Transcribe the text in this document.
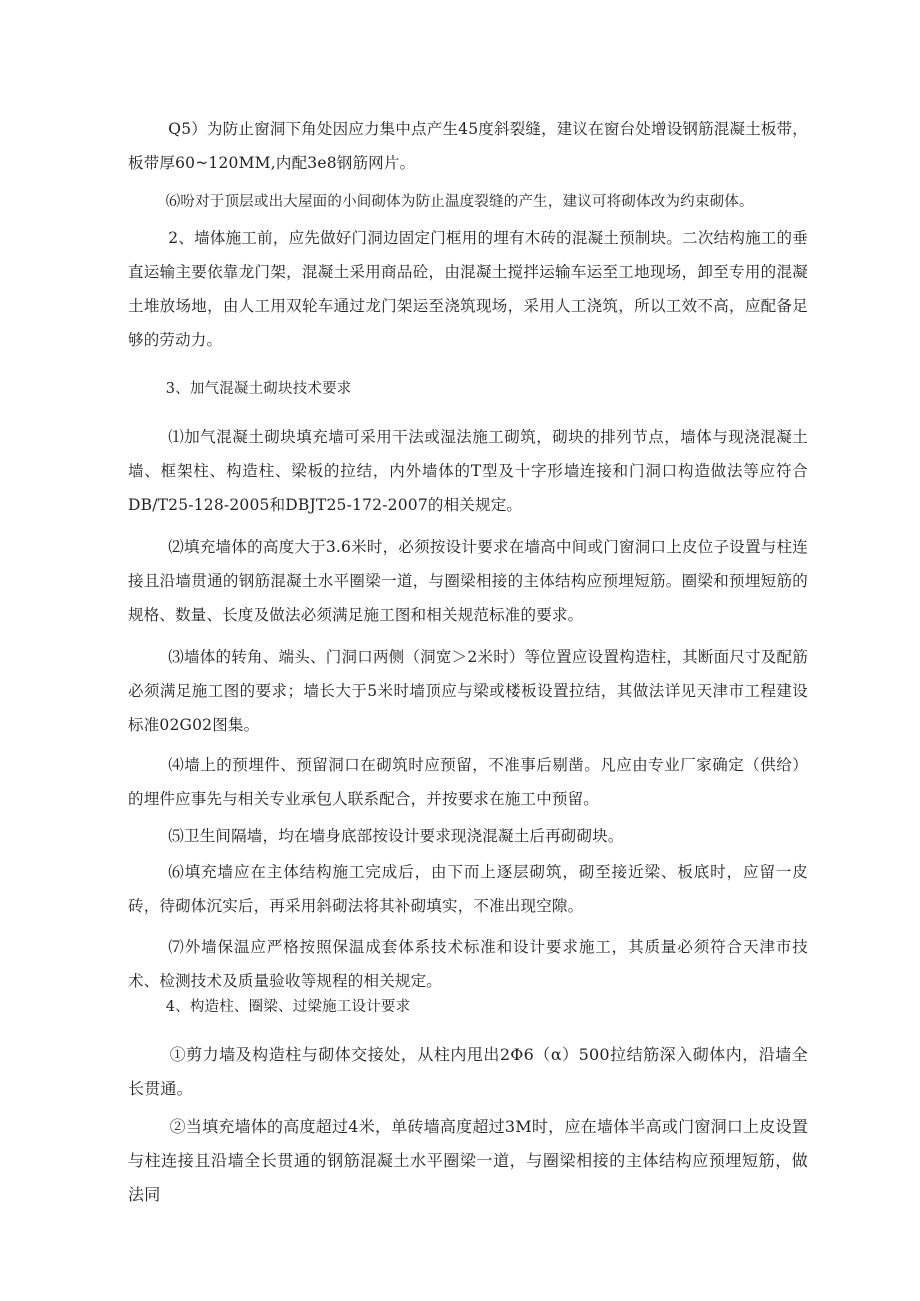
Q5）为防止窗洞下角处因应力集中点产生45度斜裂缝，建议在窗台处增设钢筋混凝土板带，板带厚60~120MM,内配3e8钢筋网片。

⑹吩对于顶层或出大屋面的小间砌体为防止温度裂缝的产生，建议可将砌体改为约束砌体。

2、墙体施工前，应先做好门洞边固定门框用的埋有木砖的混凝土预制块。二次结构施工的垂直运输主要依靠龙门架，混凝土采用商品砼，由混凝土搅拌运输车运至工地现场，卸至专用的混凝土堆放场地，由人工用双轮车通过龙门架运至浇筑现场，采用人工浇筑，所以工效不高，应配备足够的劳动力。

3、加气混凝土砌块技术要求

⑴加气混凝土砌块填充墙可采用干法或湿法施工砌筑，砌块的排列节点，墙体与现浇混凝土墙、框架柱、构造柱、梁板的拉结，内外墙体的T型及十字形墙连接和门洞口构造做法等应符合DB/T25-128-2005和DBJT25-172-2007的相关规定。

⑵填充墙体的高度大于3.6米时，必须按设计要求在墙高中间或门窗洞口上皮位子设置与柱连接且沿墙贯通的钢筋混凝土水平圈梁一道，与圈梁相接的主体结构应预埋短筋。圈梁和预埋短筋的规格、数量、长度及做法必须满足施工图和相关规范标准的要求。

⑶墙体的转角、端头、门洞口两侧（洞宽＞2米时）等位置应设置构造柱，其断面尺寸及配筋必须满足施工图的要求；墙长大于5米时墙顶应与梁或楼板设置拉结，其做法详见天津市工程建设标准02G02图集。

⑷墙上的预埋件、预留洞口在砌筑时应预留，不准事后剔凿。凡应由专业厂家确定（供给）的埋件应事先与相关专业承包人联系配合，并按要求在施工中预留。

⑸卫生间隔墙，均在墙身底部按设计要求现浇混凝土后再砌砌块。

⑹填充墙应在主体结构施工完成后，由下而上逐层砌筑，砌至接近梁、板底时，应留一皮砖，待砌体沉实后，再采用斜砌法将其补砌填实，不准出现空隙。

⑺外墙保温应严格按照保温成套体系技术标准和设计要求施工，其质量必须符合天津市技术、检测技术及质量验收等规程的相关规定。

4、构造柱、圈梁、过梁施工设计要求

①剪力墙及构造柱与砌体交接处，从柱内甩出2Φ6（α）500拉结筋深入砌体内，沿墙全长贯通。

②当填充墙体的高度超过4米，单砖墙高度超过3M时，应在墙体半高或门窗洞口上皮设置与柱连接且沿墙全长贯通的钢筋混凝土水平圈梁一道，与圈梁相接的主体结构应预埋短筋，做法同
